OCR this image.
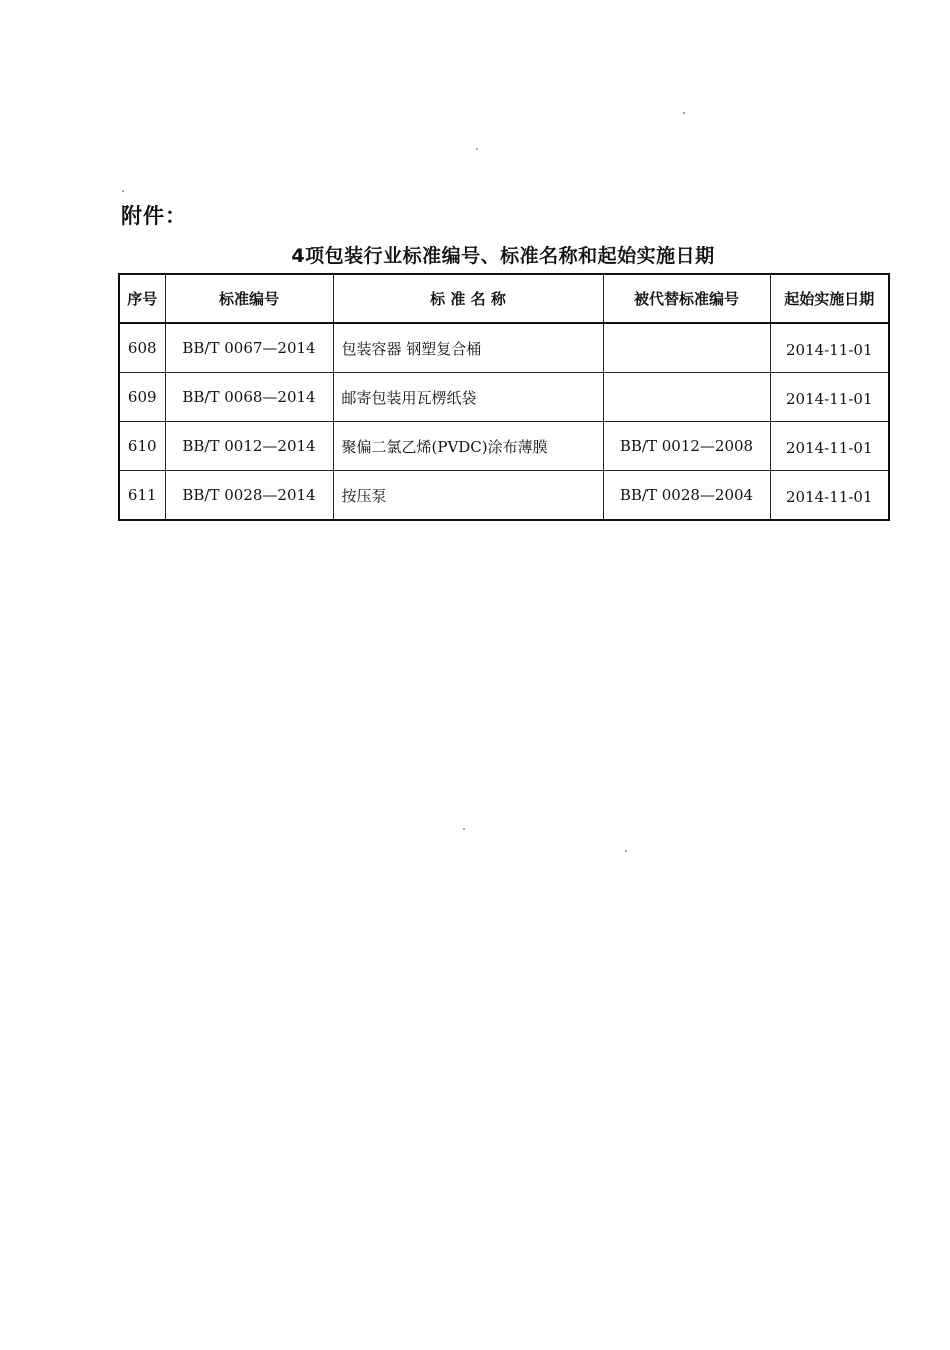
附件：
4项包装行业标准编号、标准名称和起始实施日期
序号	标准编号	标 准 名 称	被代替标准编号	起始实施日期
608	BB/T 0067—2014	包装容器 钢塑复合桶		2014-11-01
609	BB/T 0068—2014	邮寄包装用瓦楞纸袋		2014-11-01
610	BB/T 0012—2014	聚偏二氯乙烯(PVDC)涂布薄膜	BB/T 0012—2008	2014-11-01
611	BB/T 0028—2014	按压泵	BB/T 0028—2004	2014-11-01
